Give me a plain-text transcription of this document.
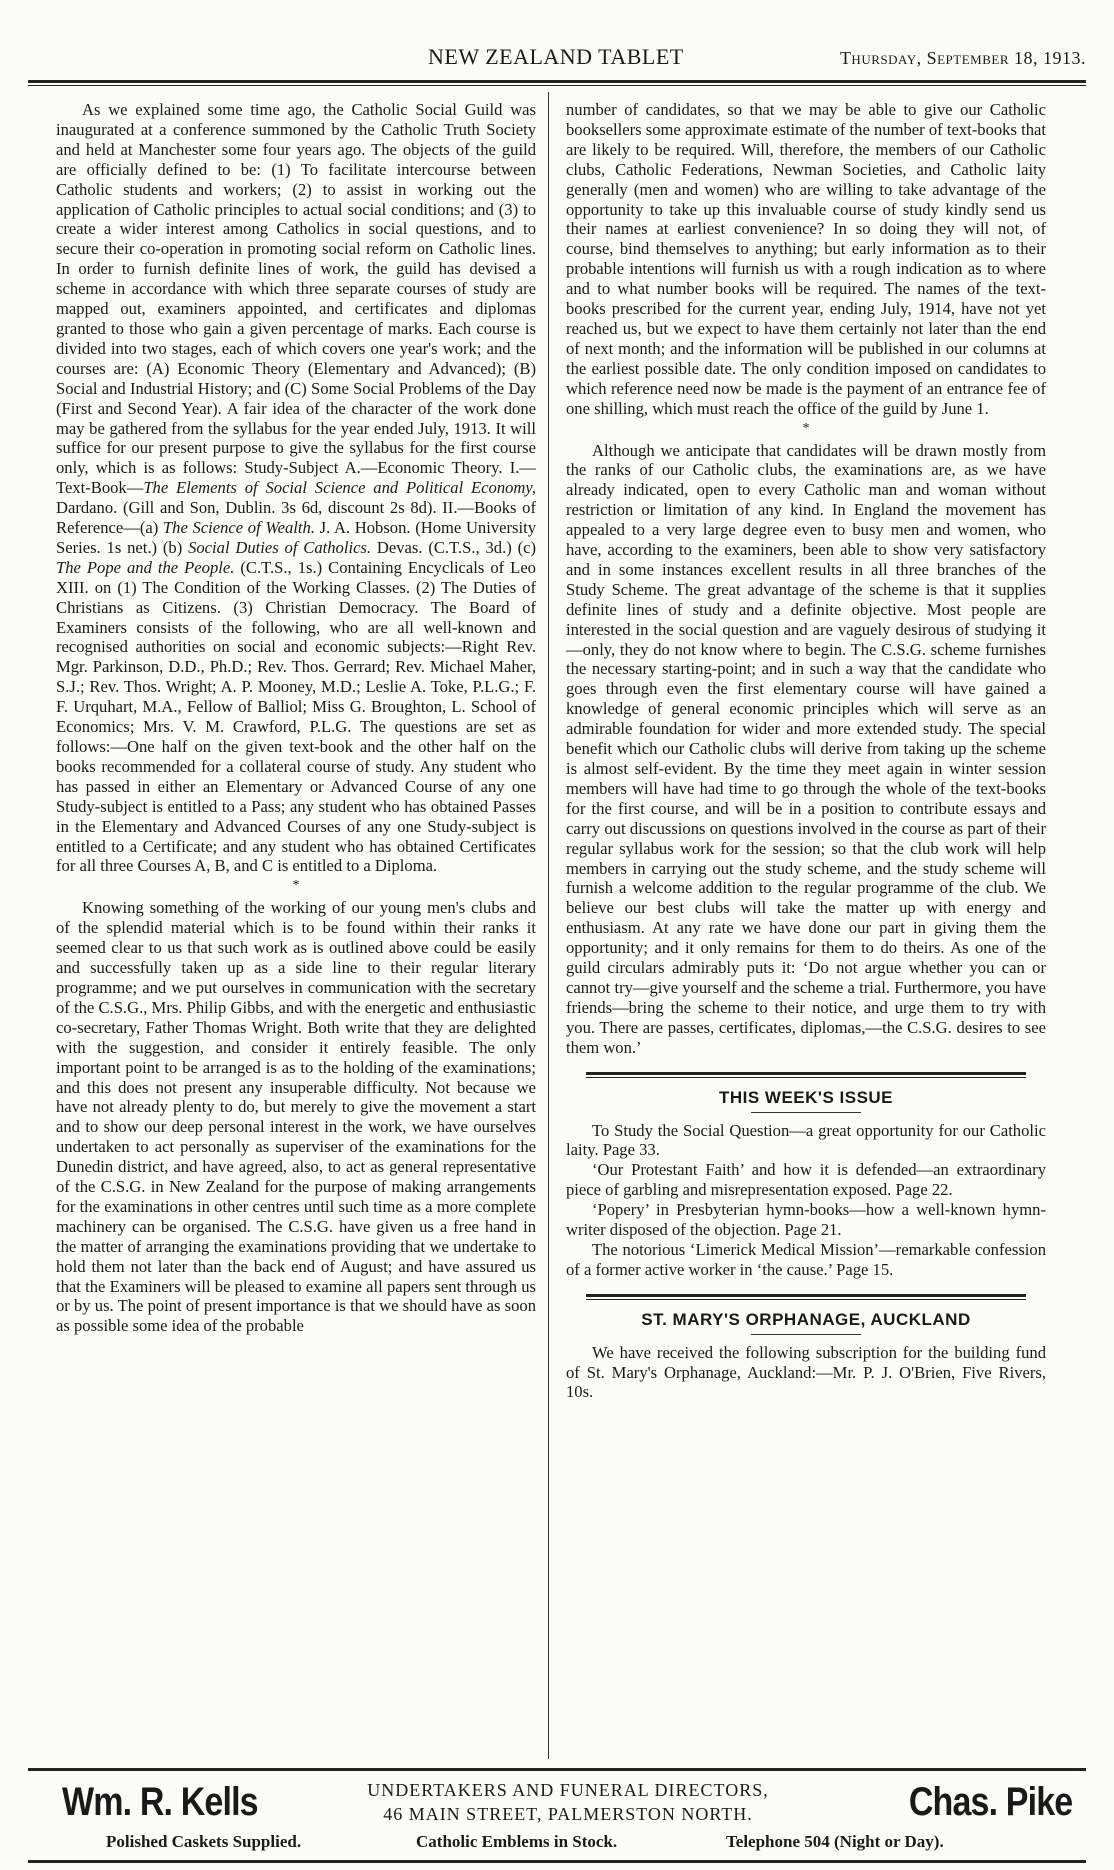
NEW ZEALAND TABLET	Thursday, September 18, 1913.

As we explained some time ago, the Catholic Social Guild was inaugurated at a conference summoned by the Catholic Truth Society and held at Manchester some four years ago. The objects of the guild are officially defined to be: (1) To facilitate intercourse between Catholic students and workers; (2) to assist in working out the application of Catholic principles to actual social conditions; and (3) to create a wider interest among Catholics in social questions, and to secure their co-operation in promoting social reform on Catholic lines. In order to furnish definite lines of work, the guild has devised a scheme in accordance with which three separate courses of study are mapped out, examiners appointed, and certificates and diplomas granted to those who gain a given percentage of marks. Each course is divided into two stages, each of which covers one year's work; and the courses are: (A) Economic Theory (Elementary and Advanced); (B) Social and Industrial History; and (C) Some Social Problems of the Day (First and Second Year). A fair idea of the character of the work done may be gathered from the syllabus for the year ended July, 1913. It will suffice for our present purpose to give the syllabus for the first course only, which is as follows: Study-Subject A.—Economic Theory. I.—Text-Book—The Elements of Social Science and Political Economy, Dardano. (Gill and Son, Dublin. 3s 6d, discount 2s 8d). II.—Books of Reference—(a) The Science of Wealth. J. A. Hobson. (Home University Series. 1s net.) (b) Social Duties of Catholics. Devas. (C.T.S., 3d.) (c) The Pope and the People. (C.T.S., 1s.) Containing Encyclicals of Leo XIII. on (1) The Condition of the Working Classes. (2) The Duties of Christians as Citizens. (3) Christian Democracy. The Board of Examiners consists of the following, who are all well-known and recognised authorities on social and economic subjects:—Right Rev. Mgr. Parkinson, D.D., Ph.D.; Rev. Thos. Gerrard; Rev. Michael Maher, S.J.; Rev. Thos. Wright; A. P. Mooney, M.D.; Leslie A. Toke, P.L.G.; F. F. Urquhart, M.A., Fellow of Balliol; Miss G. Broughton, L. School of Economics; Mrs. V. M. Crawford, P.L.G. The questions are set as follows:—One half on the given text-book and the other half on the books recommended for a collateral course of study. Any student who has passed in either an Elementary or Advanced Course of any one Study-subject is entitled to a Pass; any student who has obtained Passes in the Elementary and Advanced Courses of any one Study-subject is entitled to a Certificate; and any student who has obtained Certificates for all three Courses A, B, and C is entitled to a Diploma.

*

Knowing something of the working of our young men's clubs and of the splendid material which is to be found within their ranks it seemed clear to us that such work as is outlined above could be easily and successfully taken up as a side line to their regular literary programme; and we put ourselves in communication with the secretary of the C.S.G., Mrs. Philip Gibbs, and with the energetic and enthusiastic co-secretary, Father Thomas Wright. Both write that they are delighted with the suggestion, and consider it entirely feasible. The only important point to be arranged is as to the holding of the examinations; and this does not present any insuperable difficulty. Not because we have not already plenty to do, but merely to give the movement a start and to show our deep personal interest in the work, we have ourselves undertaken to act personally as superviser of the examinations for the Dunedin district, and have agreed, also, to act as general representative of the C.S.G. in New Zealand for the purpose of making arrangements for the examinations in other centres until such time as a more complete machinery can be organised. The C.S.G. have given us a free hand in the matter of arranging the examinations providing that we undertake to hold them not later than the back end of August; and have assured us that the Examiners will be pleased to examine all papers sent through us or by us. The point of present importance is that we should have as soon as possible some idea of the probable

number of candidates, so that we may be able to give our Catholic booksellers some approximate estimate of the number of text-books that are likely to be required. Will, therefore, the members of our Catholic clubs, Catholic Federations, Newman Societies, and Catholic laity generally (men and women) who are willing to take advantage of the opportunity to take up this invaluable course of study kindly send us their names at earliest convenience? In so doing they will not, of course, bind themselves to anything; but early information as to their probable intentions will furnish us with a rough indication as to where and to what number books will be required. The names of the text-books prescribed for the current year, ending July, 1914, have not yet reached us, but we expect to have them certainly not later than the end of next month; and the information will be published in our columns at the earliest possible date. The only condition imposed on candidates to which reference need now be made is the payment of an entrance fee of one shilling, which must reach the office of the guild by June 1.

*

Although we anticipate that candidates will be drawn mostly from the ranks of our Catholic clubs, the examinations are, as we have already indicated, open to every Catholic man and woman without restriction or limitation of any kind. In England the movement has appealed to a very large degree even to busy men and women, who have, according to the examiners, been able to show very satisfactory and in some instances excellent results in all three branches of the Study Scheme. The great advantage of the scheme is that it supplies definite lines of study and a definite objective. Most people are interested in the social question and are vaguely desirous of studying it—only, they do not know where to begin. The C.S.G. scheme furnishes the necessary starting-point; and in such a way that the candidate who goes through even the first elementary course will have gained a knowledge of general economic principles which will serve as an admirable foundation for wider and more extended study. The special benefit which our Catholic clubs will derive from taking up the scheme is almost self-evident. By the time they meet again in winter session members will have had time to go through the whole of the text-books for the first course, and will be in a position to contribute essays and carry out discussions on questions involved in the course as part of their regular syllabus work for the session; so that the club work will help members in carrying out the study scheme, and the study scheme will furnish a welcome addition to the regular programme of the club. We believe our best clubs will take the matter up with energy and enthusiasm. At any rate we have done our part in giving them the opportunity; and it only remains for them to do theirs. As one of the guild circulars admirably puts it: ‘Do not argue whether you can or cannot try—give yourself and the scheme a trial. Furthermore, you have friends—bring the scheme to their notice, and urge them to try with you. There are passes, certificates, diplomas,—the C.S.G. desires to see them won.’

THIS WEEK'S ISSUE

To Study the Social Question—a great opportunity for our Catholic laity. Page 33.

‘Our Protestant Faith’ and how it is defended—an extraordinary piece of garbling and misrepresentation exposed. Page 22.

‘Popery’ in Presbyterian hymn-books—how a well-known hymn-writer disposed of the objection. Page 21.

The notorious ‘Limerick Medical Mission’—remarkable confession of a former active worker in ‘the cause.’ Page 15.

ST. MARY'S ORPHANAGE, AUCKLAND

We have received the following subscription for the building fund of St. Mary's Orphanage, Auckland:—Mr. P. J. O'Brien, Five Rivers, 10s.

Wm. R. Kells	UNDERTAKERS AND FUNERAL DIRECTORS,
46 MAIN STREET, PALMERSTON NORTH.	Chas. Pike
Polished Caskets Supplied.	Catholic Emblems in Stock.	Telephone 504 (Night or Day).
